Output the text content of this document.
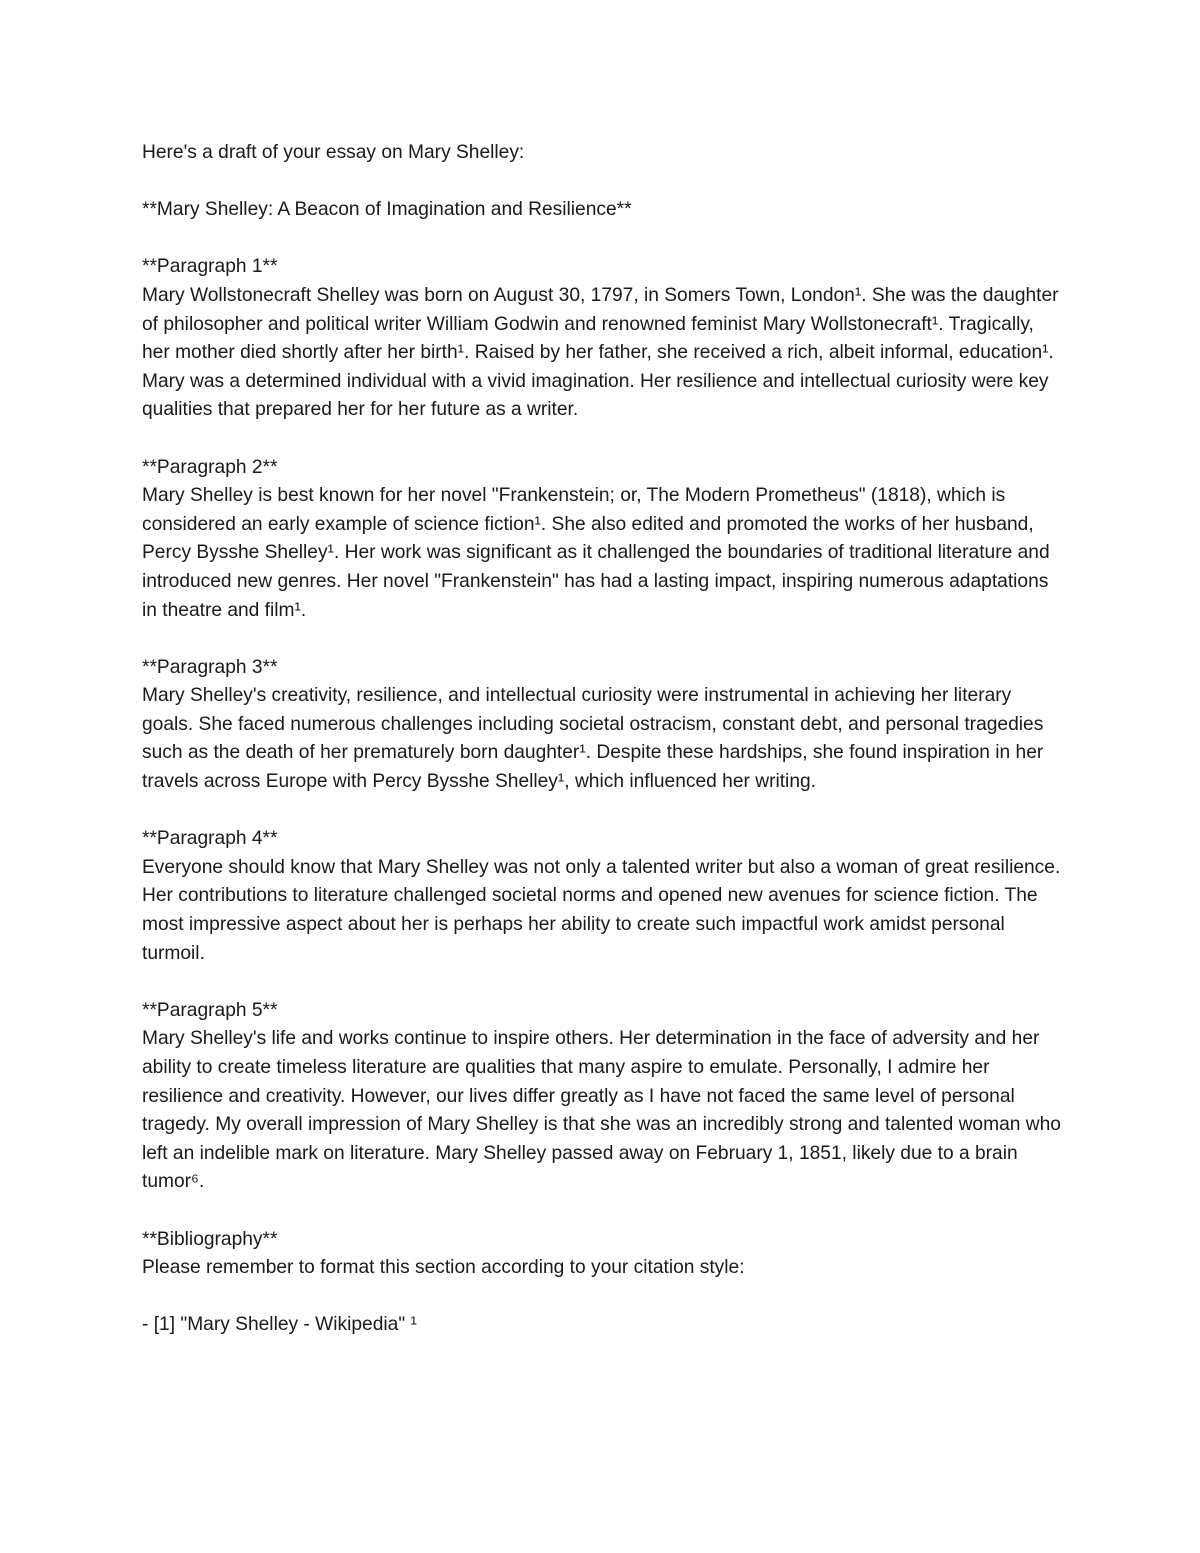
Here's a draft of your essay on Mary Shelley:

**Mary Shelley: A Beacon of Imagination and Resilience**

**Paragraph 1**

Mary Wollstonecraft Shelley was born on August 30, 1797, in Somers Town, London¹. She was the daughter of philosopher and political writer William Godwin and renowned feminist Mary Wollstonecraft¹. Tragically, her mother died shortly after her birth¹. Raised by her father, she received a rich, albeit informal, education¹. Mary was a determined individual with a vivid imagination. Her resilience and intellectual curiosity were key qualities that prepared her for her future as a writer.

**Paragraph 2**

Mary Shelley is best known for her novel "Frankenstein; or, The Modern Prometheus" (1818), which is considered an early example of science fiction¹. She also edited and promoted the works of her husband, Percy Bysshe Shelley¹. Her work was significant as it challenged the boundaries of traditional literature and introduced new genres. Her novel "Frankenstein" has had a lasting impact, inspiring numerous adaptations in theatre and film¹.

**Paragraph 3**

Mary Shelley's creativity, resilience, and intellectual curiosity were instrumental in achieving her literary goals. She faced numerous challenges including societal ostracism, constant debt, and personal tragedies such as the death of her prematurely born daughter¹. Despite these hardships, she found inspiration in her travels across Europe with Percy Bysshe Shelley¹, which influenced her writing.

**Paragraph 4**

Everyone should know that Mary Shelley was not only a talented writer but also a woman of great resilience. Her contributions to literature challenged societal norms and opened new avenues for science fiction. The most impressive aspect about her is perhaps her ability to create such impactful work amidst personal turmoil.

**Paragraph 5**

Mary Shelley's life and works continue to inspire others. Her determination in the face of adversity and her ability to create timeless literature are qualities that many aspire to emulate. Personally, I admire her resilience and creativity. However, our lives differ greatly as I have not faced the same level of personal tragedy. My overall impression of Mary Shelley is that she was an incredibly strong and talented woman who left an indelible mark on literature. Mary Shelley passed away on February 1, 1851, likely due to a brain tumor⁶.

**Bibliography**

Please remember to format this section according to your citation style:

- [1] "Mary Shelley - Wikipedia" ¹
